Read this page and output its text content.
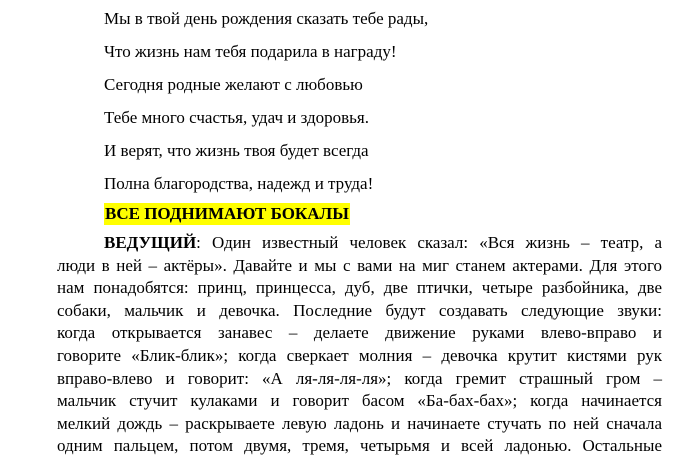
Мы в твой день рождения сказать тебе рады,
Что жизнь нам тебя подарила в награду!
Сегодня родные желают с любовью
Тебе много счастья, удач и здоровья.
И верят, что жизнь твоя будет всегда
Полна благородства, надежд и труда!
ВСЕ ПОДНИМАЮТ БОКАЛЫ
ВЕДУЩИЙ: Один известный человек сказал: «Вся жизнь – театр, а
люди в ней – актёры». Давайте и мы с вами на миг станем актерами. Для этого
нам понадобятся: принц, принцесса, дуб, две птички, четыре разбойника, две
собаки, мальчик и девочка. Последние будут создавать следующие звуки:
когда открывается занавес – делаете движение руками влево-вправо и
говорите «Блик-блик»; когда сверкает молния – девочка крутит кистями рук
вправо-влево и говорит: «А ля-ля-ля-ля»; когда гремит страшный гром –
мальчик стучит кулаками и говорит басом «Ба-бах-бах»; когда начинается
мелкий дождь – раскрываете левую ладонь и начинаете стучать по ней сначала
одним пальцем, потом двумя, тремя, четырьмя и всей ладонью. Остальные
